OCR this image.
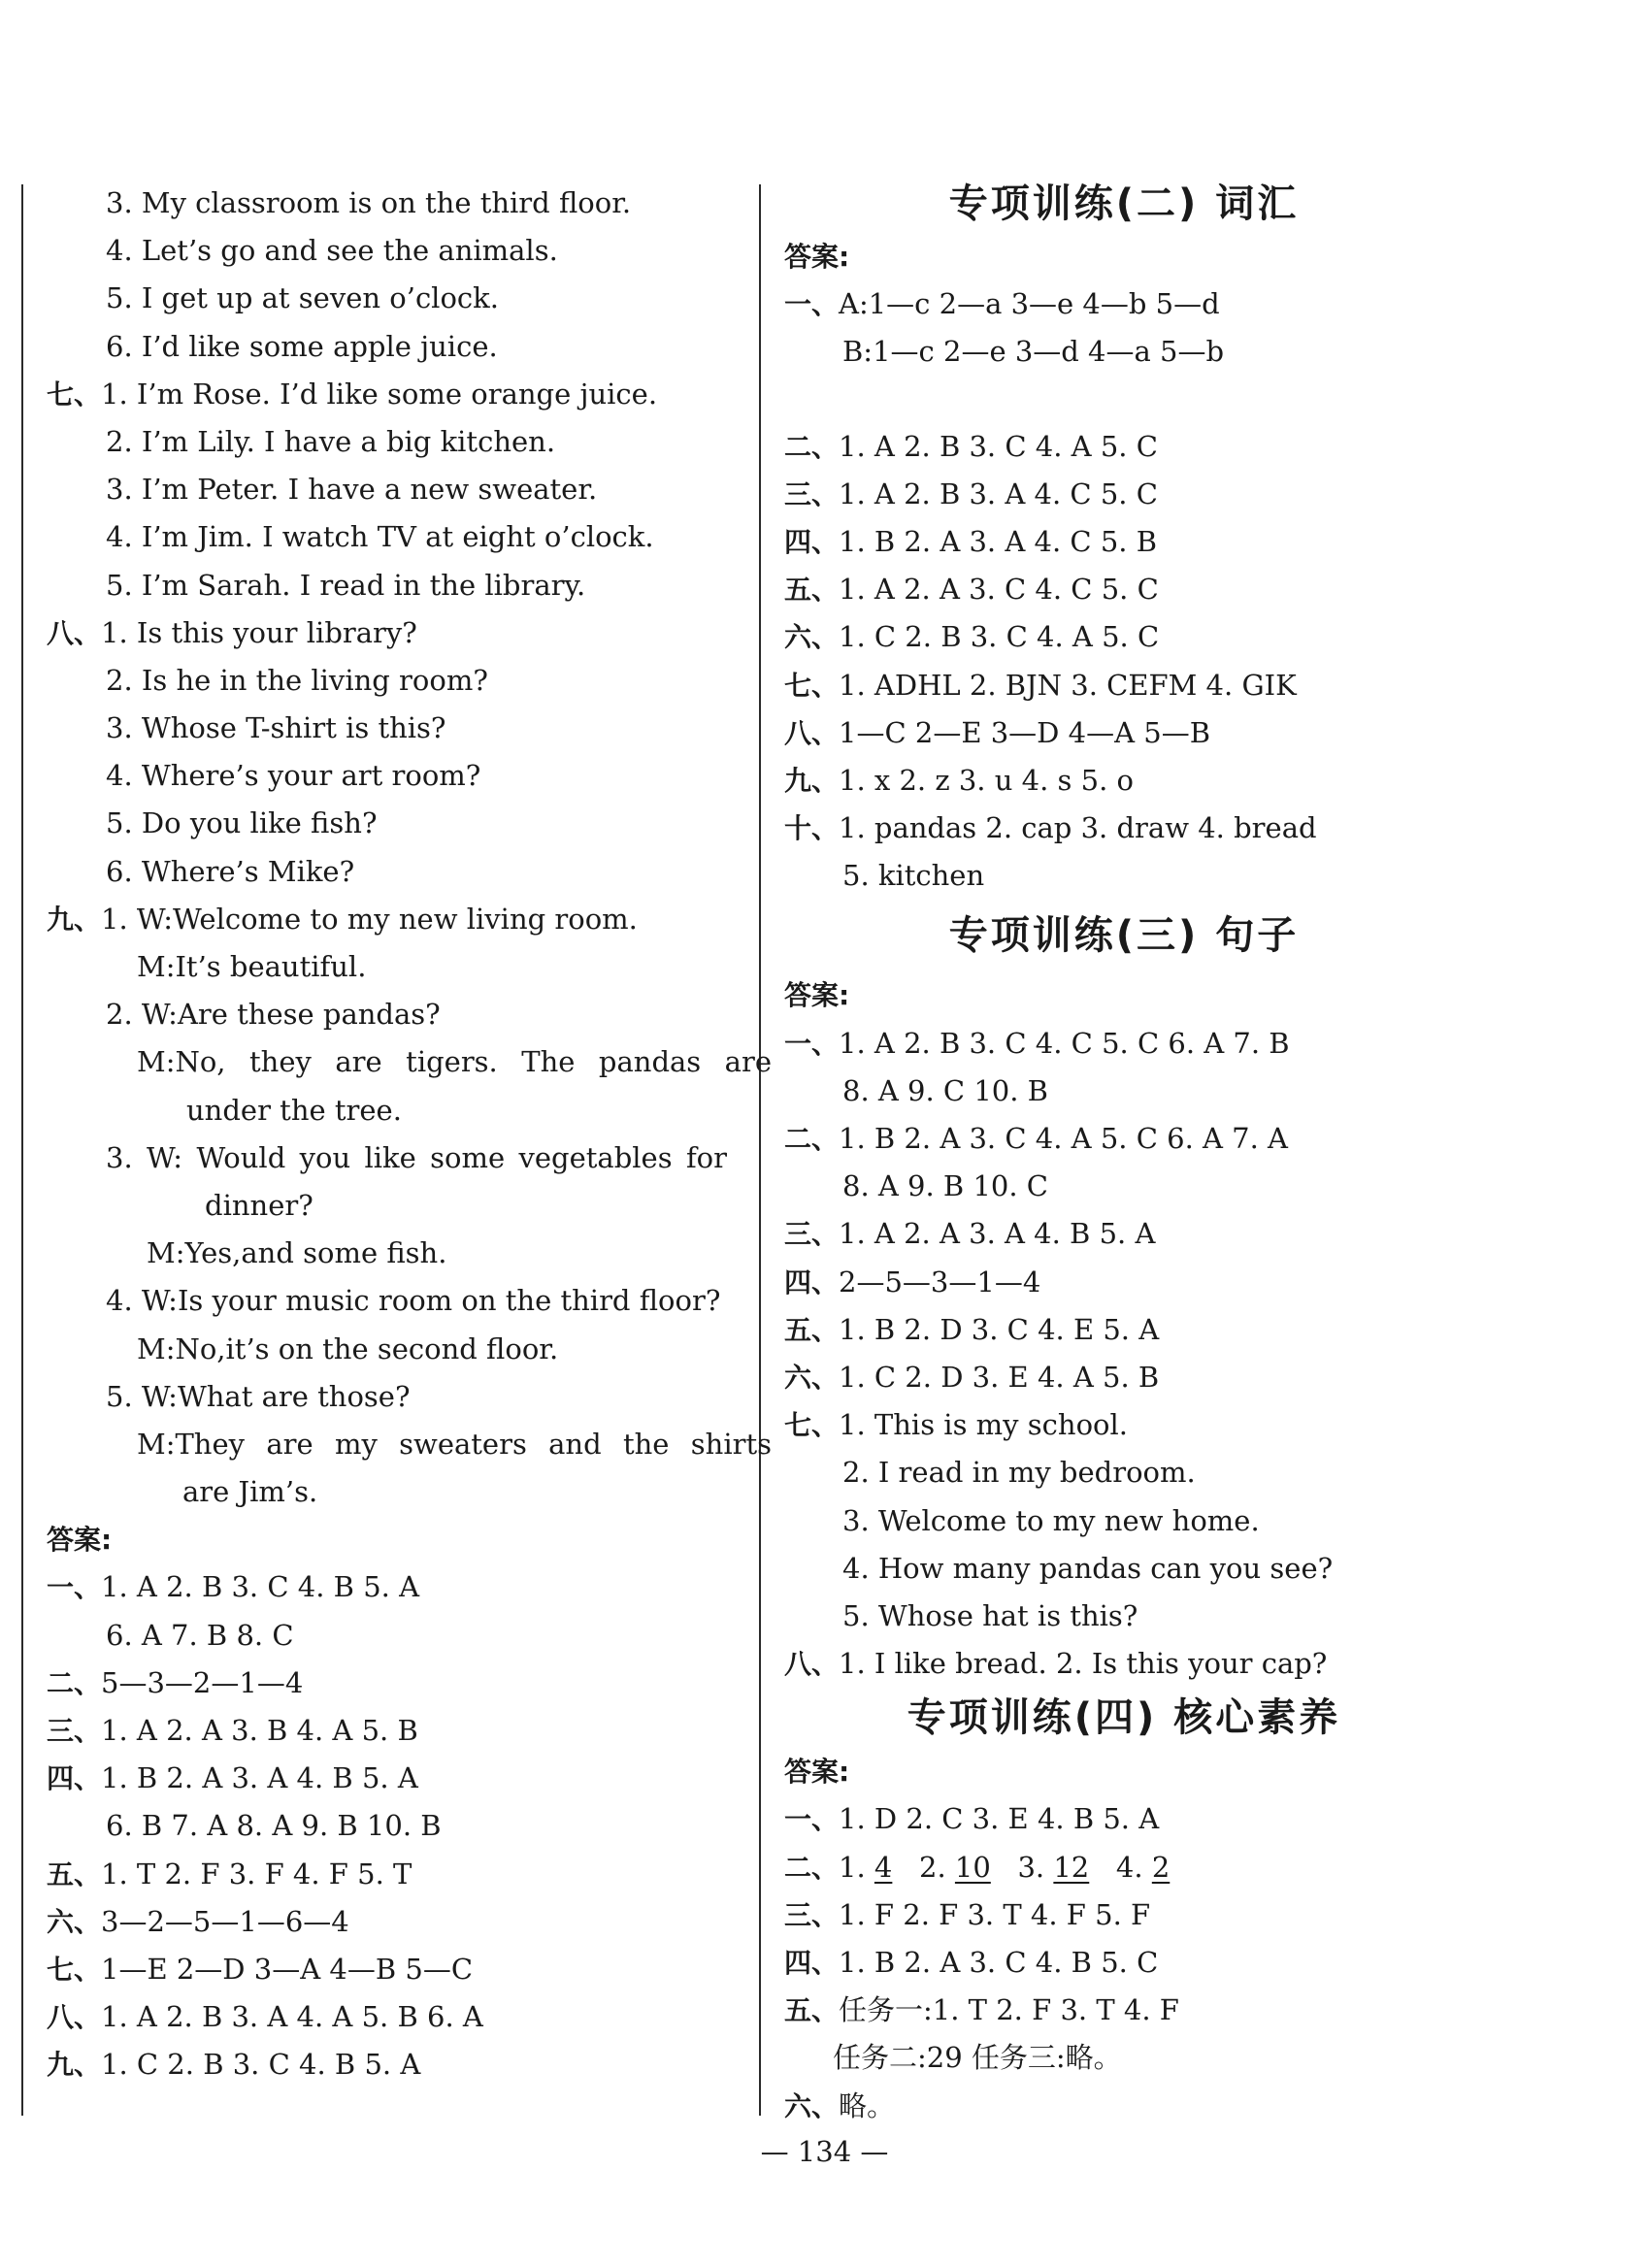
3. My classroom is on the third floor.
4. Let’s go and see the animals.
5. I get up at seven o’clock.
6. I’d like some apple juice.
七、1. I’m Rose. I’d like some orange juice.
2. I’m Lily. I have a big kitchen.
3. I’m Peter. I have a new sweater.
4. I’m Jim. I watch TV at eight o’clock.
5. I’m Sarah. I read in the library.
八、1. Is this your library?
2. Is he in the living room?
3. Whose T-shirt is this?
4. Where’s your art room?
5. Do you like fish?
6. Where’s Mike?
九、1. W:Welcome to my new living room.
M:It’s beautiful.
2. W:Are these pandas?
M:No, they are tigers. The pandas are
under the tree.
3. W: Would you like some vegetables for
dinner?
M:Yes,and some fish.
4. W:Is your music room on the third floor?
M:No,it’s on the second floor.
5. W:What are those?
M:They are my sweaters and the shirts
are Jim’s.
答案:
一、1. A 2. B 3. C 4. B 5. A
6. A 7. B 8. C
二、5—3—2—1—4
三、1. A 2. A 3. B 4. A 5. B
四、1. B 2. A 3. A 4. B 5. A
6. B 7. A 8. A 9. B 10. B
五、1. T 2. F 3. F 4. F 5. T
六、3—2—5—1—6—4
七、1—E 2—D 3—A 4—B 5—C
八、1. A 2. B 3. A 4. A 5. B 6. A
九、1. C 2. B 3. C 4. B 5. A
专项训练(二) 词汇
答案:
一、A:1—c 2—a 3—e 4—b 5—d
B:1—c 2—e 3—d 4—a 5—b
二、1. A 2. B 3. C 4. A 5. C
三、1. A 2. B 3. A 4. C 5. C
四、1. B 2. A 3. A 4. C 5. B
五、1. A 2. A 3. C 4. C 5. C
六、1. C 2. B 3. C 4. A 5. C
七、1. ADHL 2. BJN 3. CEFM 4. GIK
八、1—C 2—E 3—D 4—A 5—B
九、1. x 2. z 3. u 4. s 5. o
十、1. pandas 2. cap 3. draw 4. bread
5. kitchen
专项训练(三) 句子
答案:
一、1. A 2. B 3. C 4. C 5. C 6. A 7. B
8. A 9. C 10. B
二、1. B 2. A 3. C 4. A 5. C 6. A 7. A
8. A 9. B 10. C
三、1. A 2. A 3. A 4. B 5. A
四、2—5—3—1—4
五、1. B 2. D 3. C 4. E 5. A
六、1. C 2. D 3. E 4. A 5. B
七、1. This is my school.
2. I read in my bedroom.
3. Welcome to my new home.
4. How many pandas can you see?
5. Whose hat is this?
八、1. I like bread. 2. Is this your cap?
专项训练(四) 核心素养
答案:
一、1. D 2. C 3. E 4. B 5. A
二、1. 4 2. 10 3. 12 4. 2
三、1. F 2. F 3. T 4. F 5. F
四、1. B 2. A 3. C 4. B 5. C
五、任务一:1. T 2. F 3. T 4. F
任务二:29 任务三:略。
六、略。
— 134 —
